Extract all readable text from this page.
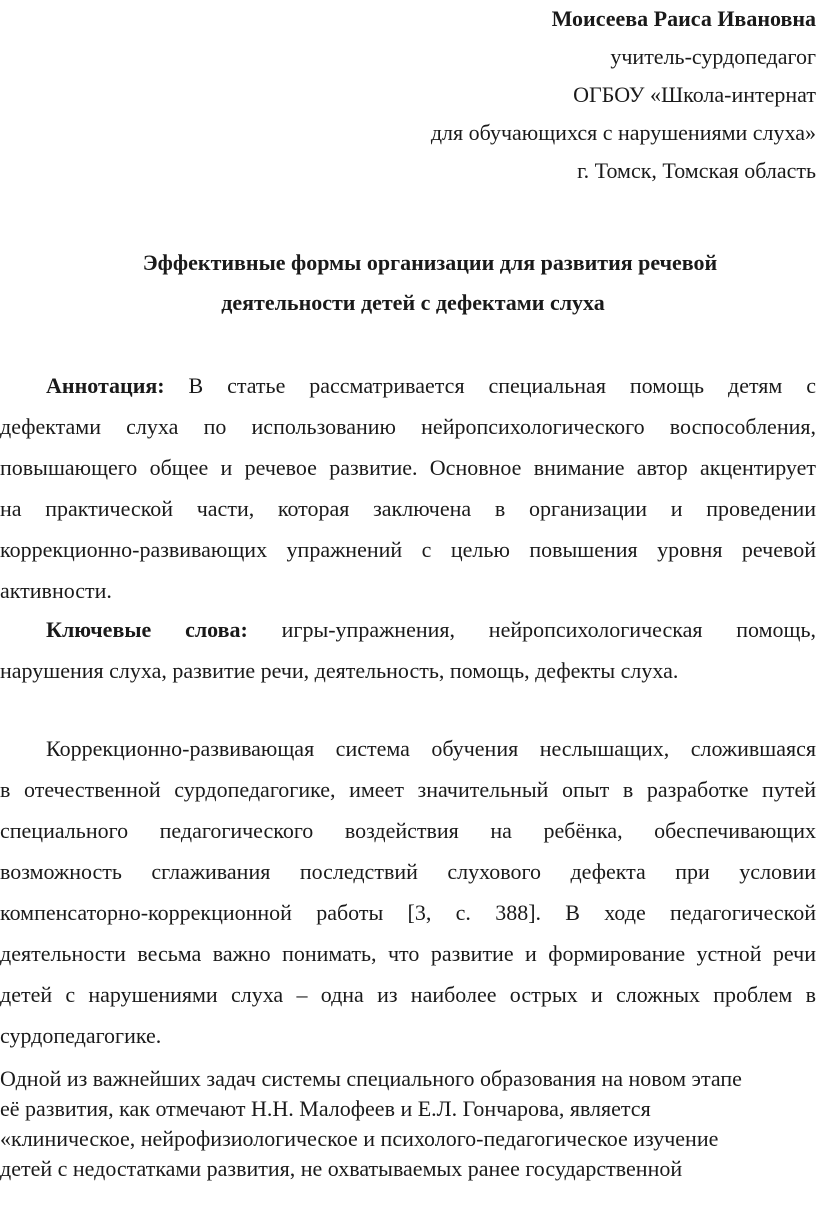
Моисеева Раиса Ивановна
учитель-сурдопедагог
ОГБОУ «Школа-интернат
для обучающихся с нарушениями слуха»
г. Томск, Томская область
Эффективные формы организации для развития речевой
деятельности детей с дефектами слуха
Аннотация: В статье рассматривается специальная помощь детям с
дефектами слуха по использованию нейропсихологического воспособления,
повышающего общее и речевое развитие. Основное внимание автор акцентирует
на практической части, которая заключена в организации и проведении
коррекционно-развивающих упражнений с целью повышения уровня речевой
активности.
Ключевые слова: игры-упражнения, нейропсихологическая помощь,
нарушения слуха, развитие речи, деятельность, помощь, дефекты слуха.
Коррекционно-развивающая система обучения неслышащих, сложившаяся
в отечественной сурдопедагогике, имеет значительный опыт в разработке путей
специального педагогического воздействия на ребёнка, обеспечивающих
возможность сглаживания последствий слухового дефекта при условии
компенсаторно-коррекционной работы [3, с. 388]. В ходе педагогической
деятельности весьма важно понимать, что развитие и формирование устной речи
детей с нарушениями слуха – одна из наиболее острых и сложных проблем в
сурдопедагогике.
Одной из важнейших задач системы специального образования на новом этапе
её развития, как отмечают Н.Н. Малофеев и Е.Л. Гончарова, является
«клиническое, нейрофизиологическое и психолого-педагогическое изучение
детей с недостатками развития, не охватываемых ранее государственной
